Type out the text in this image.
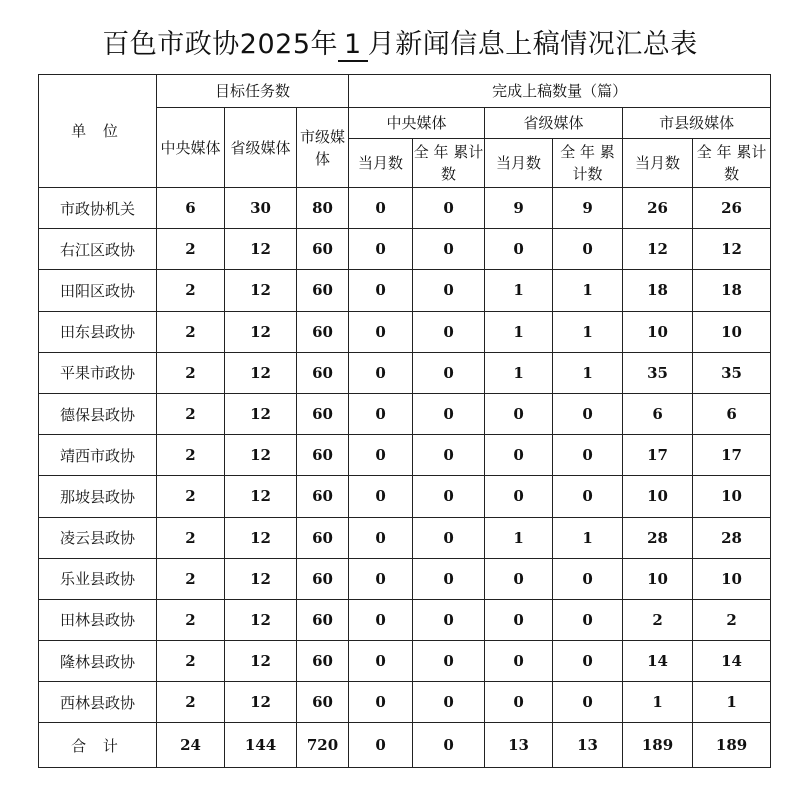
百色市政协2025年 1 月新闻信息上稿情况汇总表
单 位	目标任务数			完成上稿数量（篇）					
	中央媒体	省级媒体	市级媒体	中央媒体		省级媒体		市县级媒体	
				当月数	全 年 累计数	当月数	全 年 累计数	当月数	全 年 累计数
市政协机关	6	30	80	0	0	9	9	26	26
右江区政协	2	12	60	0	0	0	0	12	12
田阳区政协	2	12	60	0	0	1	1	18	18
田东县政协	2	12	60	0	0	1	1	10	10
平果市政协	2	12	60	0	0	1	1	35	35
德保县政协	2	12	60	0	0	0	0	6	6
靖西市政协	2	12	60	0	0	0	0	17	17
那坡县政协	2	12	60	0	0	0	0	10	10
凌云县政协	2	12	60	0	0	1	1	28	28
乐业县政协	2	12	60	0	0	0	0	10	10
田林县政协	2	12	60	0	0	0	0	2	2
隆林县政协	2	12	60	0	0	0	0	14	14
西林县政协	2	12	60	0	0	0	0	1	1
合 计	24	144	720	0	0	13	13	189	189
